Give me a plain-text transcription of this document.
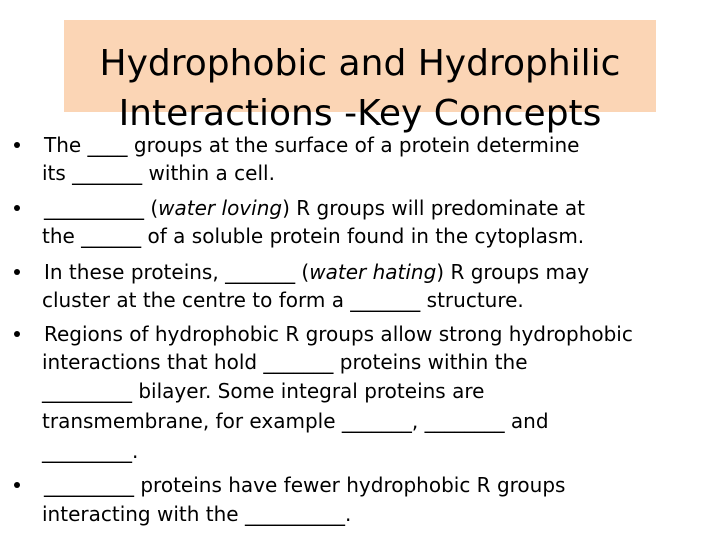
Hydrophobic and Hydrophilic
Interactions -Key Concepts
The ____ groups at the surface of a protein determine
its _______ within a cell.
__________ (water loving) R groups will predominate at
the ______ of a soluble protein found in the cytoplasm.
In these proteins, _______ (water hating) R groups may
cluster at the centre to form a _______ structure.
Regions of hydrophobic R groups allow strong hydrophobic
interactions that hold _______ proteins within the
_________ bilayer. Some integral proteins are
transmembrane, for example _______, ________ and
_________.
_________ proteins have fewer hydrophobic R groups
interacting with the __________.
